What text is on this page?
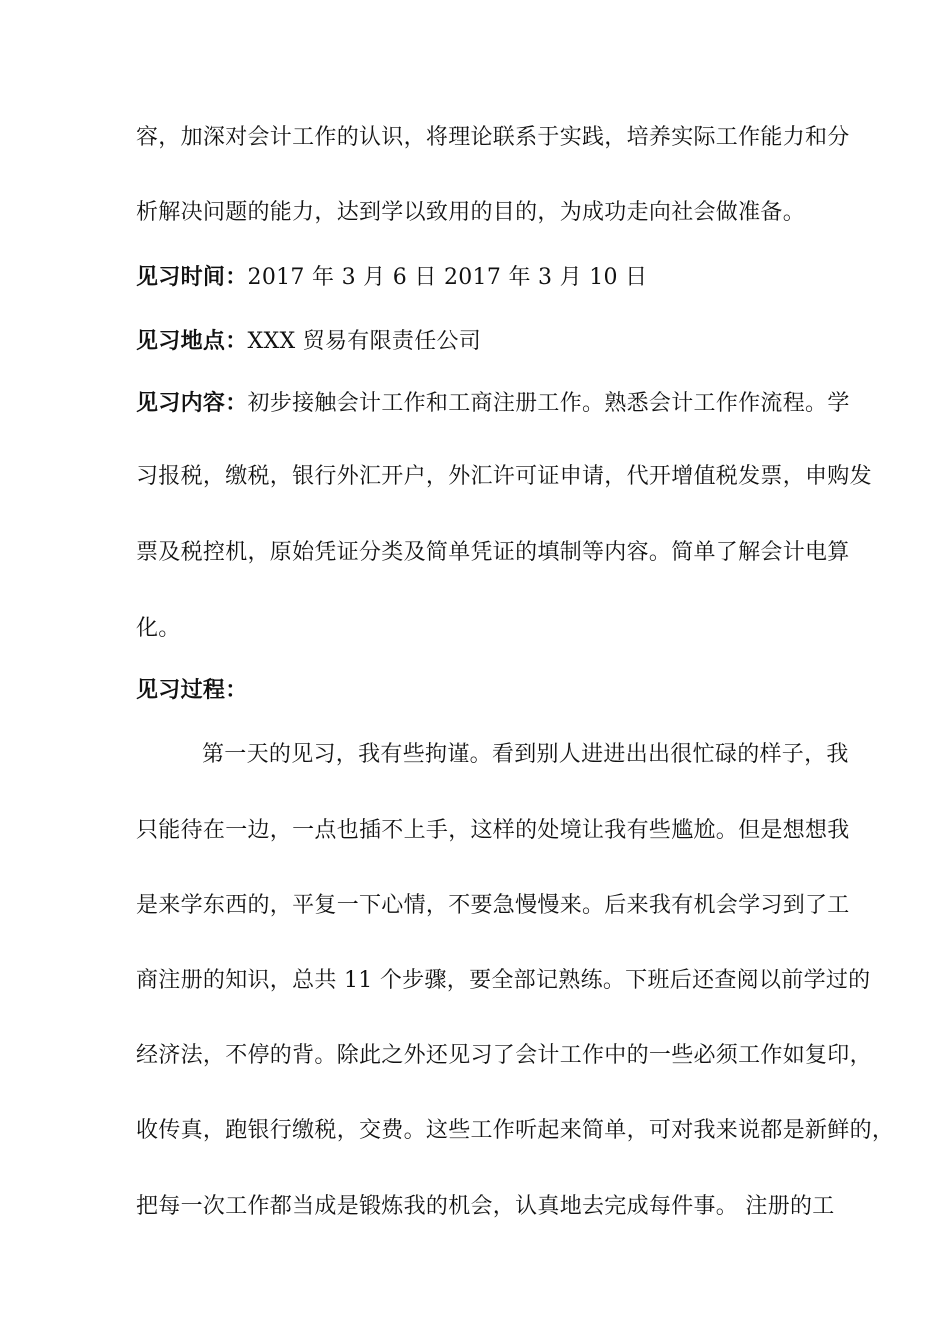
容，加深对会计工作的认识，将理论联系于实践，培养实际工作能力和分
析解决问题的能力，达到学以致用的目的，为成功走向社会做准备。
见习时间：2017 年 3 月 6 日 2017 年 3 月 10 日
见习地点：XXX 贸易有限责任公司
见习内容：初步接触会计工作和工商注册工作。熟悉会计工作作流程。学
习报税，缴税，银行外汇开户，外汇许可证申请，代开增值税发票，申购发
票及税控机，原始凭证分类及简单凭证的填制等内容。简单了解会计电算
化。
见习过程：
第一天的见习，我有些拘谨。看到别人进进出出很忙碌的样子，我
只能待在一边，一点也插不上手，这样的处境让我有些尴尬。但是想想我
是来学东西的，平复一下心情，不要急慢慢来。后来我有机会学习到了工
商注册的知识，总共 11 个步骤，要全部记熟练。下班后还查阅以前学过的
经济法，不停的背。除此之外还见习了会计工作中的一些必须工作如复印，
收传真，跑银行缴税，交费。这些工作听起来简单，可对我来说都是新鲜的，
把每一次工作都当成是锻炼我的机会，认真地去完成每件事。 注册的工
